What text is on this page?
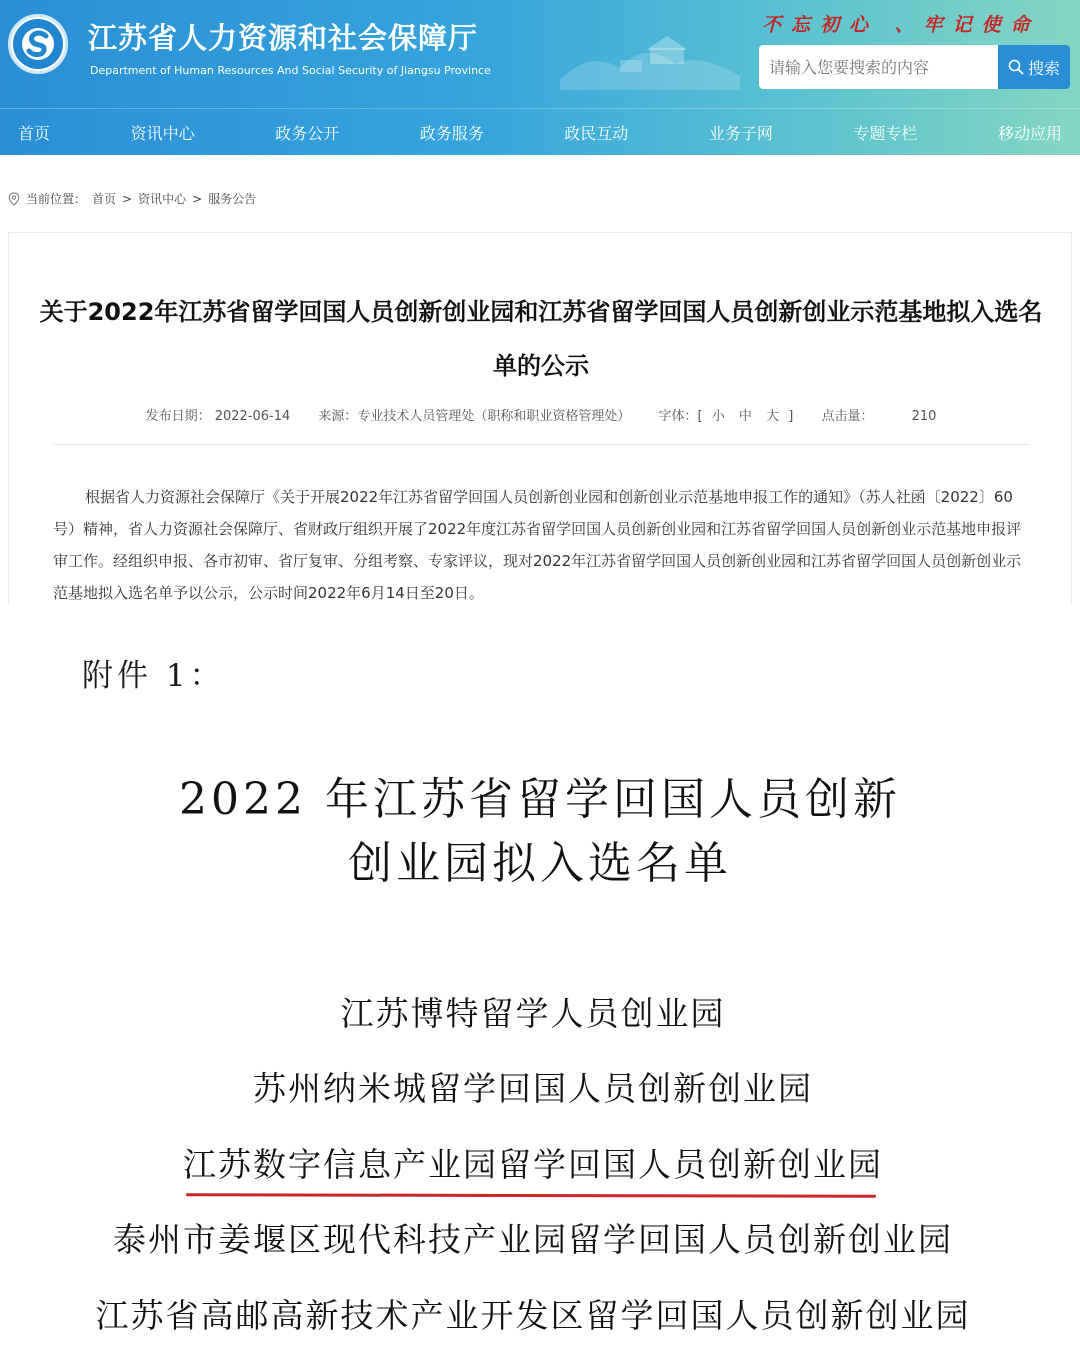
江苏省人力资源和社会保障厅
Department of Human Resources And Social Security of Jiangsu Province
不忘初心 、牢记使命
请输入您要搜索的内容
搜索
首页	资讯中心	政务公开	政务服务	政民互动	业务子网	专题专栏	移动应用
当前位置： 首页 > 资讯中心 > 服务公告
关于2022年江苏省留学回国人员创新创业园和江苏省留学回国人员创新创业示范基地拟入选名单的公示
发布日期： 2022-06-14 来源：专业技术人员管理处（职称和职业资格管理处） 字体：[ 小 中 大 ] 点击量：	210

根据省人力资源社会保障厅《关于开展2022年江苏省留学回国人员创新创业园和创新创业示范基地申报工作的通知》（苏人社函〔2022〕60号）精神，省人力资源社会保障厅、省财政厅组织开展了2022年度江苏省留学回国人员创新创业园和江苏省留学回国人员创新创业示范基地申报评审工作。经组织申报、各市初审、省厅复审、分组考察、专家评议，现对2022年江苏省留学回国人员创新创业园和江苏省留学回国人员创新创业示范基地拟入选名单予以公示，公示时间2022年6月14日至20日。

附件 1：
2022 年江苏省留学回国人员创新
创业园拟入选名单
江苏博特留学人员创业园
苏州纳米城留学回国人员创新创业园
江苏数字信息产业园留学回国人员创新创业园
泰州市姜堰区现代科技产业园留学回国人员创新创业园
江苏省高邮高新技术产业开发区留学回国人员创新创业园
